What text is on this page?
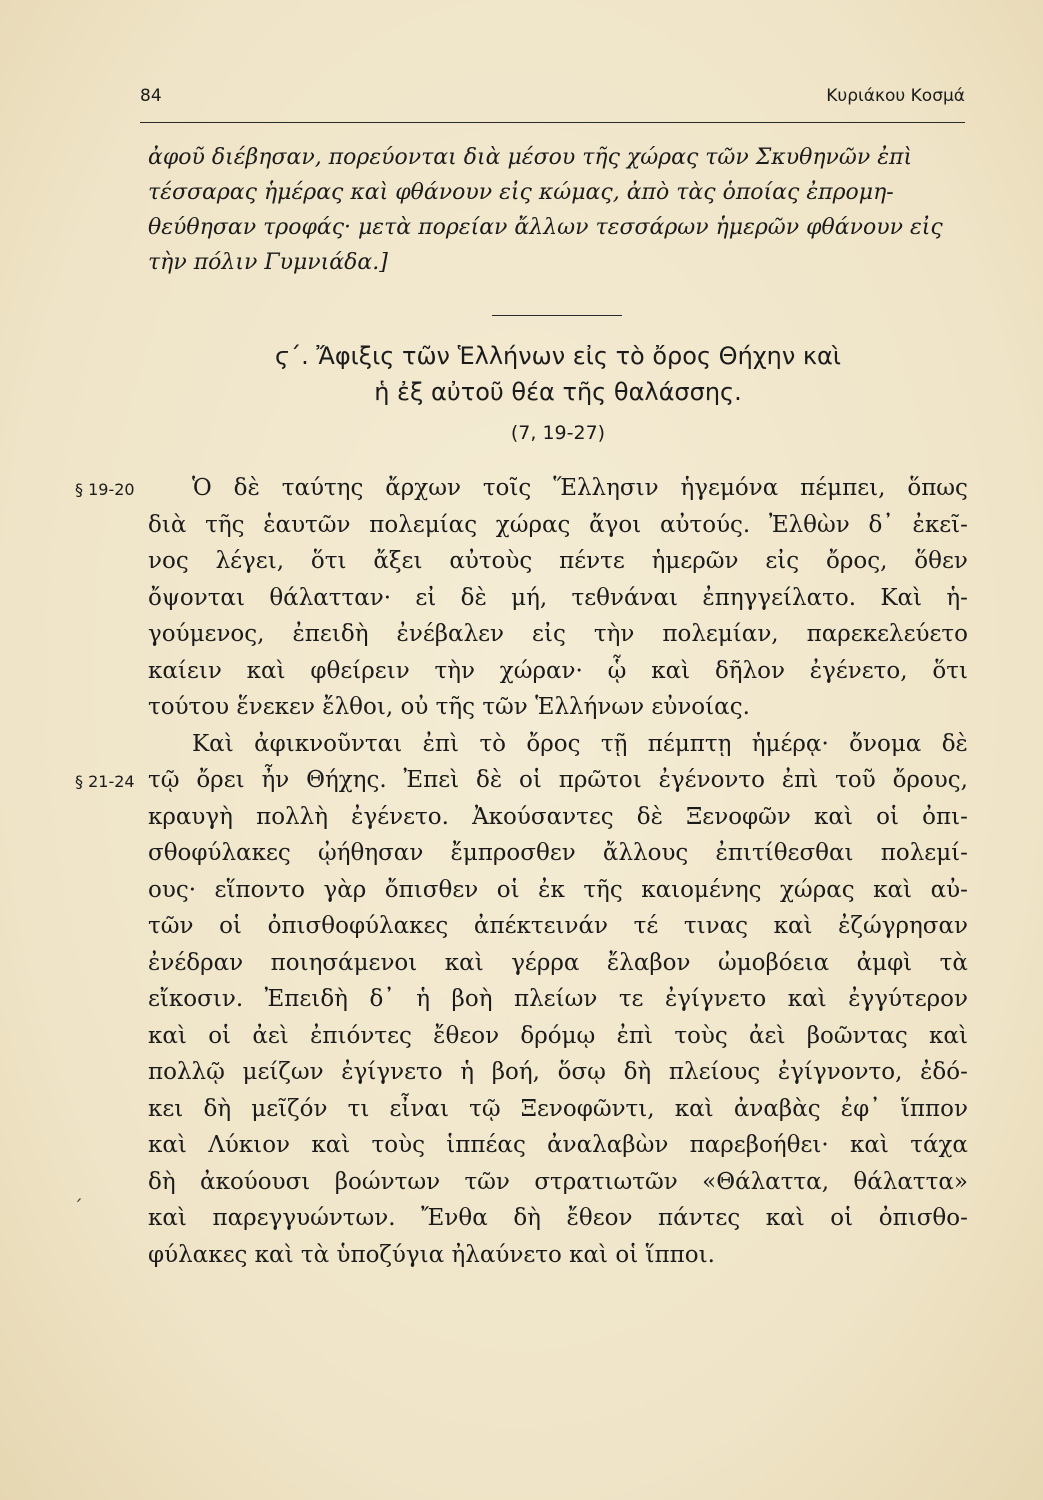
84	Κυριάκου Κοσμά
ἀφοῦ διέβησαν, πορεύονται διὰ μέσου τῆς χώρας τῶν Σκυθηνῶν ἐπὶ
τέσσαρας ἡμέρας καὶ φθάνουν εἰς κώμας, ἀπὸ τὰς ὁποίας ἐπρομη-
θεύθησαν τροφάς· μετὰ πορείαν ἄλλων τεσσάρων ἡμερῶν φθάνουν εἰς
τὴν πόλιν Γυμνιάδα.]
ϛ΄. Ἄφιξις τῶν Ἑλλήνων εἰς τὸ ὄρος Θήχην καὶ
ἡ ἐξ αὐτοῦ θέα τῆς θαλάσσης.
(7, 19-27)
§ 19-20
§ 21-24
´
Ὁ δὲ ταύτης ἄρχων τοῖς Ἕλλησιν ἡγεμόνα πέμπει, ὅπως
διὰ τῆς ἑαυτῶν πολεμίας χώρας ἄγοι αὐτούς. Ἐλθὼν δ᾽ ἐκεῖ-
νος λέγει, ὅτι ἄξει αὐτοὺς πέντε ἡμερῶν εἰς ὄρος, ὅθεν
ὄψονται θάλατταν· εἰ δὲ μή, τεθνάναι ἐπηγγείλατο. Καὶ ἡ-
γούμενος, ἐπειδὴ ἐνέβαλεν εἰς τὴν πολεμίαν, παρεκελεύετο
καίειν καὶ φθείρειν τὴν χώραν· ᾧ καὶ δῆλον ἐγένετο, ὅτι
τούτου ἕνεκεν ἔλθοι, οὐ τῆς τῶν Ἑλλήνων εὐνοίας.
Καὶ ἀφικνοῦνται ἐπὶ τὸ ὄρος τῇ πέμπτῃ ἡμέρᾳ· ὄνομα δὲ
τῷ ὄρει ἦν Θήχης. Ἐπεὶ δὲ οἱ πρῶτοι ἐγένοντο ἐπὶ τοῦ ὄρους,
κραυγὴ πολλὴ ἐγένετο. Ἀκούσαντες δὲ Ξενοφῶν καὶ οἱ ὀπι-
σθοφύλακες ᾠήθησαν ἔμπροσθεν ἄλλους ἐπιτίθεσθαι πολεμί-
ους· εἵποντο γὰρ ὄπισθεν οἱ ἐκ τῆς καιομένης χώρας καὶ αὐ-
τῶν οἱ ὀπισθοφύλακες ἀπέκτεινάν τέ τινας καὶ ἐζώγρησαν
ἐνέδραν ποιησάμενοι καὶ γέρρα ἔλαβον ὠμοβόεια ἀμφὶ τὰ
εἴκοσιν. Ἐπειδὴ δ᾽ ἡ βοὴ πλείων τε ἐγίγνετο καὶ ἐγγύτερον
καὶ οἱ ἀεὶ ἐπιόντες ἔθεον δρόμῳ ἐπὶ τοὺς ἀεὶ βοῶντας καὶ
πολλῷ μείζων ἐγίγνετο ἡ βοή, ὅσῳ δὴ πλείους ἐγίγνοντο, ἐδό-
κει δὴ μεῖζόν τι εἶναι τῷ Ξενοφῶντι, καὶ ἀναβὰς ἐφ᾽ ἵππον
καὶ Λύκιον καὶ τοὺς ἱππέας ἀναλαβὼν παρεβοήθει· καὶ τάχα
δὴ ἀκούουσι βοώντων τῶν στρατιωτῶν «Θάλαττα, θάλαττα»
καὶ παρεγγυώντων. Ἔνθα δὴ ἔθεον πάντες καὶ οἱ ὀπισθο-
φύλακες καὶ τὰ ὑποζύγια ἠλαύνετο καὶ οἱ ἵπποι.
